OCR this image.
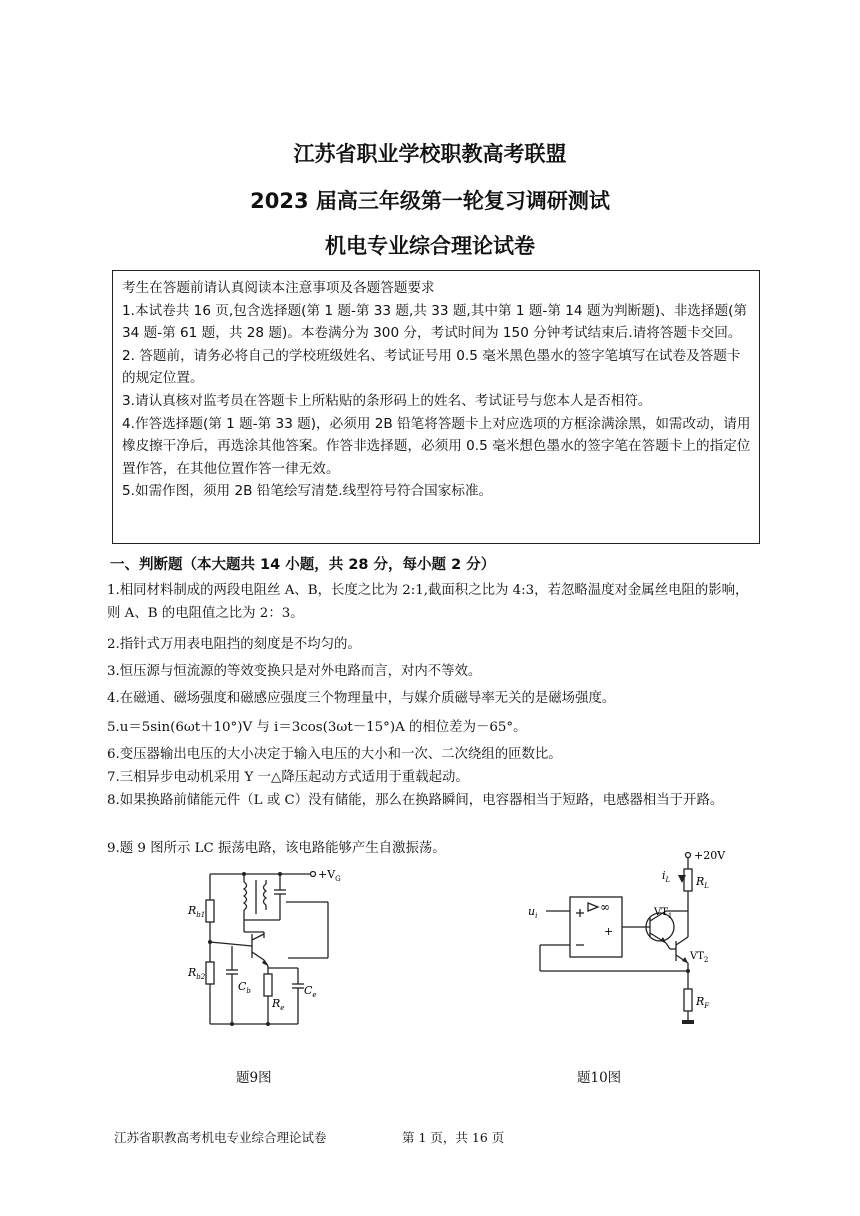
江苏省职业学校职教高考联盟
2023 届高三年级第一轮复习调研测试
机电专业综合理论试卷

考生在答题前请认真阅读本注意事项及各题答题要求

1.本试卷共 16 页,包含选择题(第 1 题-第 33 题,共 33 题,其中第 1 题-第 14 题为判断题)、非选择题(第 34 题-第 61 题，共 28 题)。本卷满分为 300 分，考试时间为 150 分钟考试结束后.请将答题卡交回。

2. 答题前，请务必将自己的学校班级姓名、考试证号用 0.5 毫米黑色墨水的签字笔填写在试卷及答题卡的规定位置。

3.请认真核对监考员在答题卡上所粘贴的条形码上的姓名、考试证号与您本人是否相符。

4.作答选择题(第 1 题-第 33 题)，必须用 2B 铅笔将答题卡上对应选项的方框涂满涂黑，如需改动，请用橡皮擦干净后，再选涂其他答案。作答非选择题，必须用 0.5 毫米想色墨水的签字笔在答题卡上的指定位置作答，在其他位置作答一律无效。

5.如需作图，须用 2B 铅笔绘写清楚.线型符号符合国家标准。

一、判断题（本大题共 14 小题，共 28 分，每小题 2 分）

1.相同材料制成的两段电阻丝 A、B，长度之比为 2:1,截面积之比为 4:3，若忽略温度对金属丝电阻的影响，则 A、B 的电阻值之比为 2：3。

2.指针式万用表电阻挡的刻度是不均匀的。

3.恒压源与恒流源的等效变换只是对外电路而言，对内不等效。

4.在磁通、磁场强度和磁感应强度三个物理量中，与媒介质磁导率无关的是磁场强度。

5.u＝5sin(6ωt＋10°)V 与 i＝3cos(3ωt－15°)A 的相位差为－65°。

6.变压器输出电压的大小决定于输入电压的大小和一次、二次绕组的匝数比。

7.三相异步电动机采用 Y 一△降压起动方式适用于重载起动。

8.如果换路前储能元件（L 或 C）没有储能，那么在换路瞬间，电容器相当于短路，电感器相当于开路。

9.题 9 图所示 LC 振荡电路，该电路能够产生自激振荡。

$+V_G$
$R_{b1}$
$R_{b2}$
$C_b$
$R_e$
$C_e$
题9图
+20V
$i_L$ $R_L$
$u_i$
∞
+
$VT_1$
$VT_2$
$R_F$
题10图
江苏省职教高考机电专业综合理论试卷	第 1 页，共 16 页
